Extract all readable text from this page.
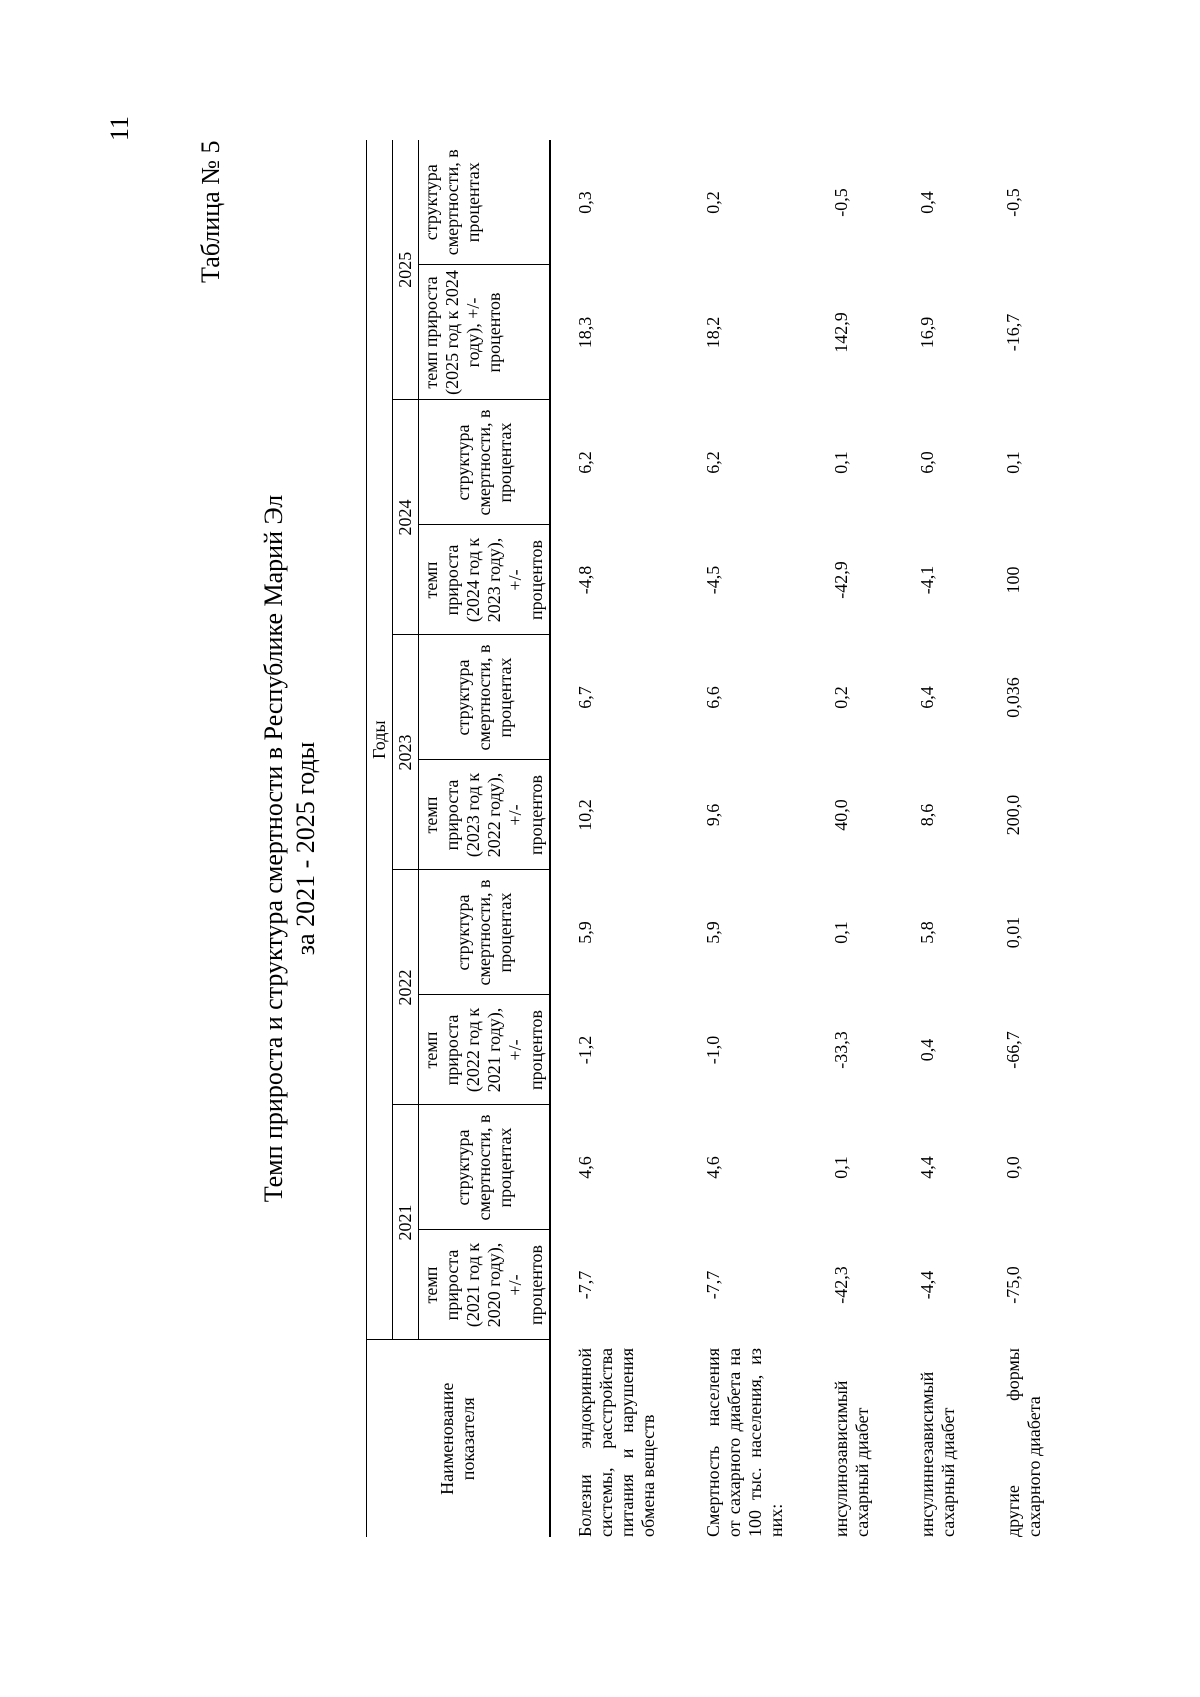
11
Таблица № 5
Темп прироста и структура смертности в Республике Марий Эл за 2021 - 2025 годы
Наименование показателя	Годы									
	2021		2022		2023		2024		2025	
	темп прироста (2021 год к 2020 году), +/- процентов	структура смертности, в процентах	темп прироста (2022 год к 2021 году), +/- процентов	структура смертности, в процентах	темп прироста (2023 год к 2022 году), +/- процентов	структура смертности, в процентах	темп прироста (2024 год к 2023 году), +/- процентов	структура смертности, в процентах	темп прироста (2025 год к 2024 году), +/- процентов	структура смертности, в процентах
Болезни эндокринной системы, расстройства питания и нарушения обмена веществ	-7,7	4,6	-1,2	5,9	10,2	6,7	-4,8	6,2	18,3	0,3
Смертность населения от сахарного диабета на 100 тыс. населения, из них:	-7,7	4,6	-1,0	5,9	9,6	6,6	-4,5	6,2	18,2	0,2
инсулинозависимый сахарный диабет	-42,3	0,1	-33,3	0,1	40,0	0,2	-42,9	0,1	142,9	-0,5
инсулиннезависимый сахарный диабет	-4,4	4,4	0,4	5,8	8,6	6,4	-4,1	6,0	16,9	0,4
другие формы сахарного диабета	-75,0	0,0	-66,7	0,01	200,0	0,036	100	0,1	-16,7	-0,5
